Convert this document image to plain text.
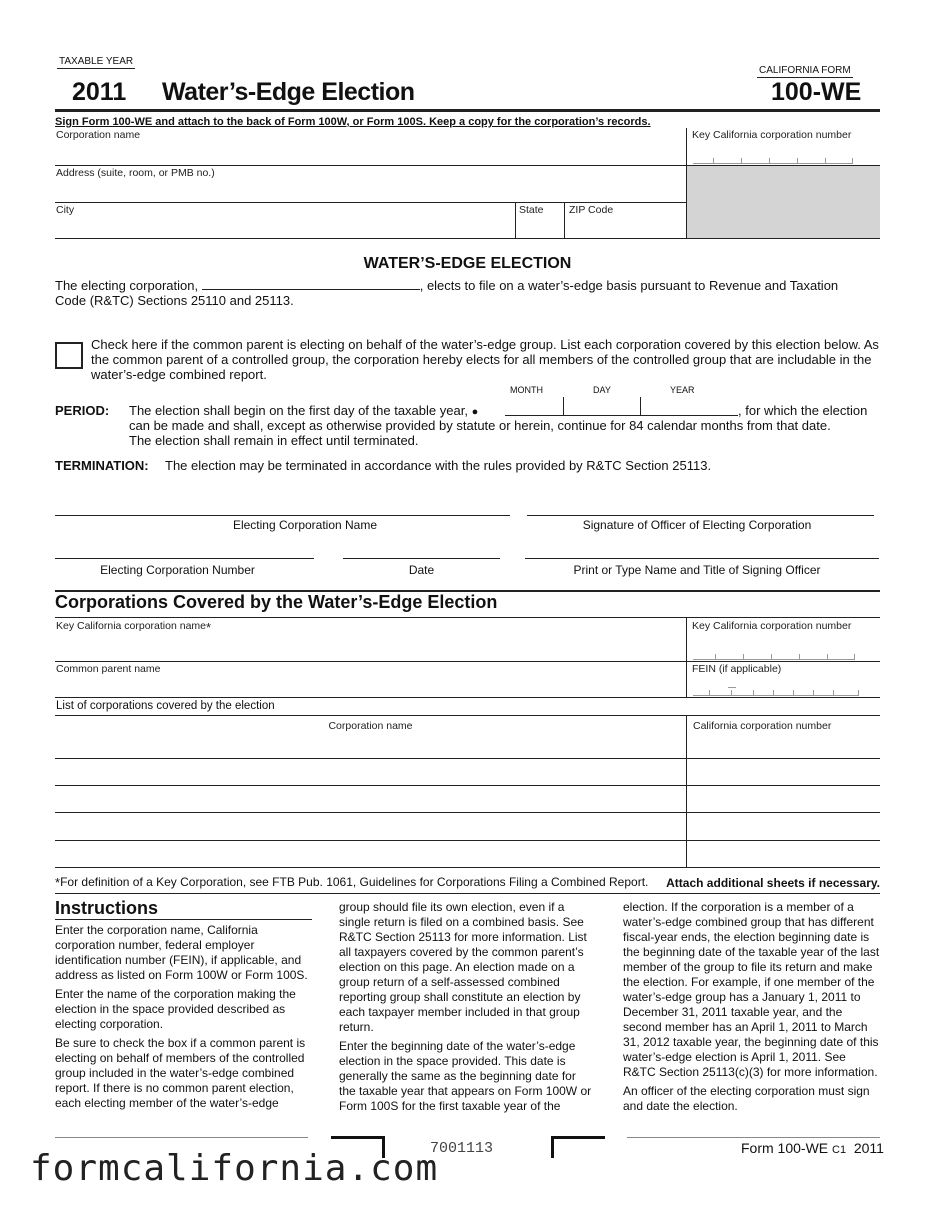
TAXABLE YEAR
2011 Water’s-Edge Election
CALIFORNIA FORM
100-WE
Sign Form 100-WE and attach to the back of Form 100W, or Form 100S. Keep a copy for the corporation’s records.
Corporation name	Key California corporation number
Address (suite, room, or PMB no.)
City	State ZIP Code
WATER’S-EDGE ELECTION
The electing corporation,	, elects to file on a water’s-edge basis pursuant to Revenue and Taxation
Code (R&TC) Sections 25110 and 25113.
Check here if the common parent is electing on behalf of the water’s-edge group. List each corporation covered by this election below. As the common parent of a controlled group, the corporation hereby elects for all members of the controlled group that are includable in the water’s-edge combined report.
MONTH	DAY	YEAR
PERIOD: The election shall begin on the first day of the taxable year, ●	, for which the election
can be made and shall, except as otherwise provided by statute or herein, continue for 84 calendar months from that date.
The election shall remain in effect until terminated.
TERMINATION: The election may be terminated in accordance with the rules provided by R&TC Section 25113.
Electing Corporation Name	Signature of Officer of Electing Corporation
Electing Corporation Number	Date	Print or Type Name and Title of Signing Officer
Corporations Covered by the Water’s-Edge Election
Key California corporation name*	Key California corporation number
Common parent name	FEIN (if applicable)
List of corporations covered by the election
Corporation name	California corporation number
*For definition of a Key Corporation, see FTB Pub. 1061, Guidelines for Corporations Filing a Combined Report.	Attach additional sheets if necessary.
Instructions

Enter the corporation name, California corporation number, federal employer identification number (FEIN), if applicable, and address as listed on Form 100W or Form 100S.

Enter the name of the corporation making the election in the space provided described as electing corporation.

Be sure to check the box if a common parent is electing on behalf of members of the controlled group included in the water’s-edge combined report. If there is no common parent election, each electing member of the water’s-edge

group should file its own election, even if a single return is filed on a combined basis. See R&TC Section 25113 for more information. List all taxpayers covered by the common parent’s election on this page. An election made on a group return of a self-assessed combined reporting group shall constitute an election by each taxpayer member included in that group return.

Enter the beginning date of the water’s-edge election in the space provided. This date is generally the same as the beginning date for the taxable year that appears on Form 100W or Form 100S for the first taxable year of the

election. If the corporation is a member of a water’s-edge combined group that has different fiscal-year ends, the election beginning date is the beginning date of the taxable year of the last member of the group to file its return and make the election. For example, if one member of the water’s-edge group has a January 1, 2011 to December 31, 2011 taxable year, and the second member has an April 1, 2011 to March 31, 2012 taxable year, the beginning date of this water’s-edge election is April 1, 2011. See R&TC Section 25113(c)(3) for more information.

An officer of the electing corporation must sign and date the election.

7001113	Form 100-WE C1 2011
formcalifornia.com
